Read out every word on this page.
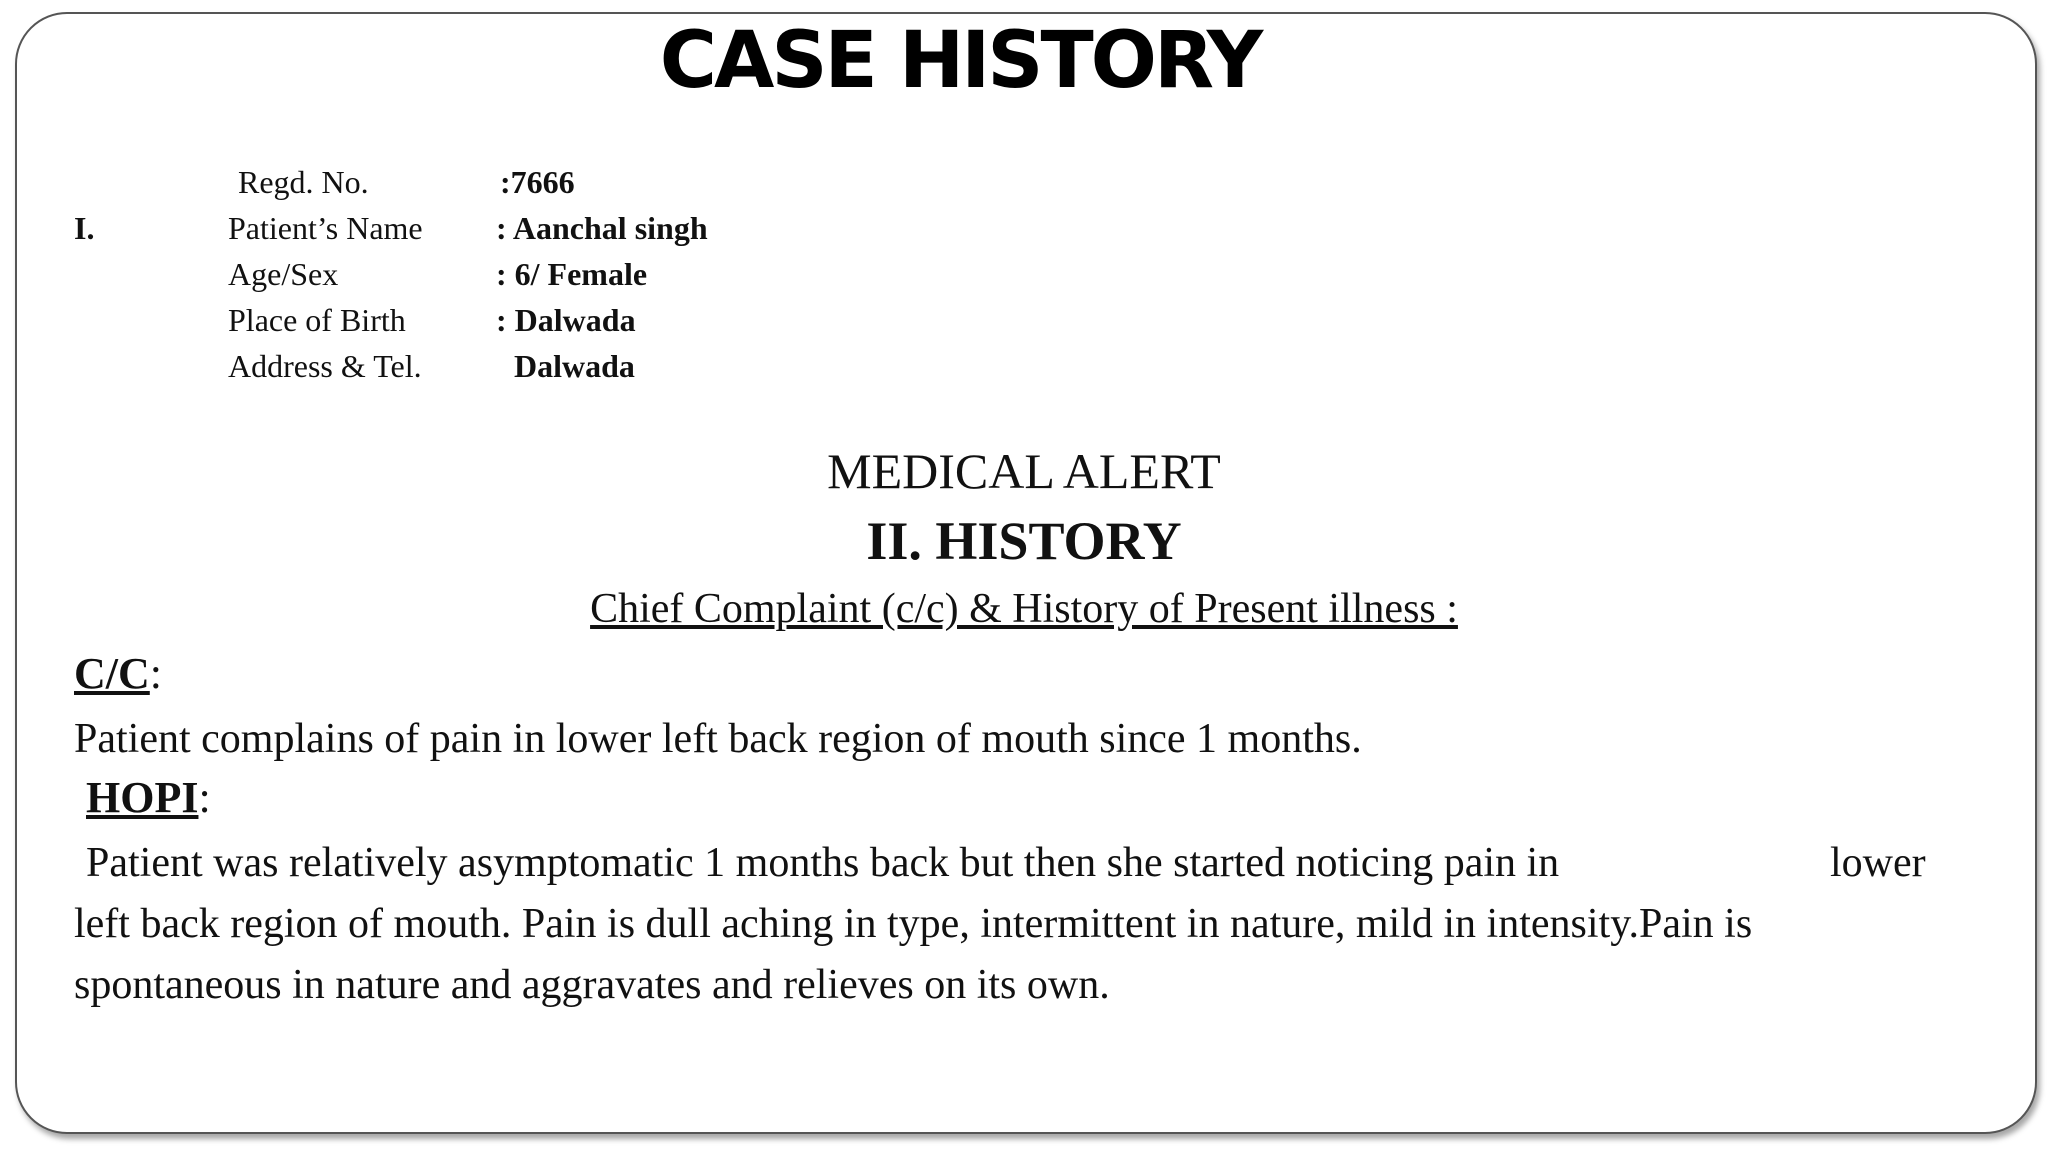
CASE HISTORY
I.
Regd. No.	:7666
Patient’s Name : Aanchal singh
Age/Sex	: 6/ Female
Place of Birth	: Dalwada
Address & Tel.	Dalwada
MEDICAL ALERT
II. HISTORY
Chief Complaint (c/c) & History of Present illness :
C/C:
Patient complains of pain in lower left back region of mouth since 1 months.
HOPI:
Patient was relatively asymptomatic 1 months back but then she started noticing pain in	lower
left back region of mouth. Pain is dull aching in type, intermittent in nature, mild in intensity.Pain is
spontaneous in nature and aggravates and relieves on its own.
